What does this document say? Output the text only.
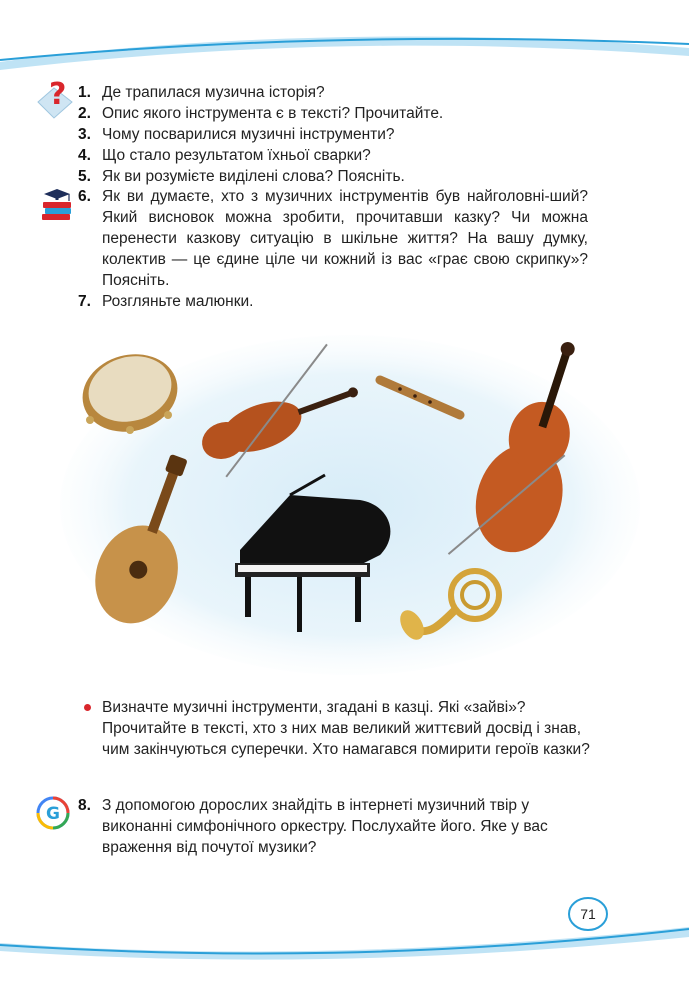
? 1. Де трапилася музична історія?
2. Опис якого інструмента є в тексті? Прочитайте.
3. Чому посварилися музичні інструменти?
4. Що стало результатом їхньої сварки?
5. Як ви розумієте виділені слова? Поясніть.
6. Як ви думаєте, хто з музичних інструментів був найголовні-ший? Який висновок можна зробити, прочитавши казку? Чи можна перенести казкову ситуацію в шкільне життя? На вашу думку, колектив — це єдине ціле чи кожний із вас «грає свою скрипку»? Поясніть.
7. Розгляньте малюнки.
Визначте музичні інструменти, згадані в казці. Які «зайві»? Прочитайте в тексті, хто з них мав великий життєвий досвід і знав, чим закінчуються суперечки. Хто намагався помирити героїв казки?
G 8. З допомогою дорослих знайдіть в інтернеті музичний твір у виконанні симфонічного оркестру. Послухайте його. Яке у вас враження від почутої музики?
71
